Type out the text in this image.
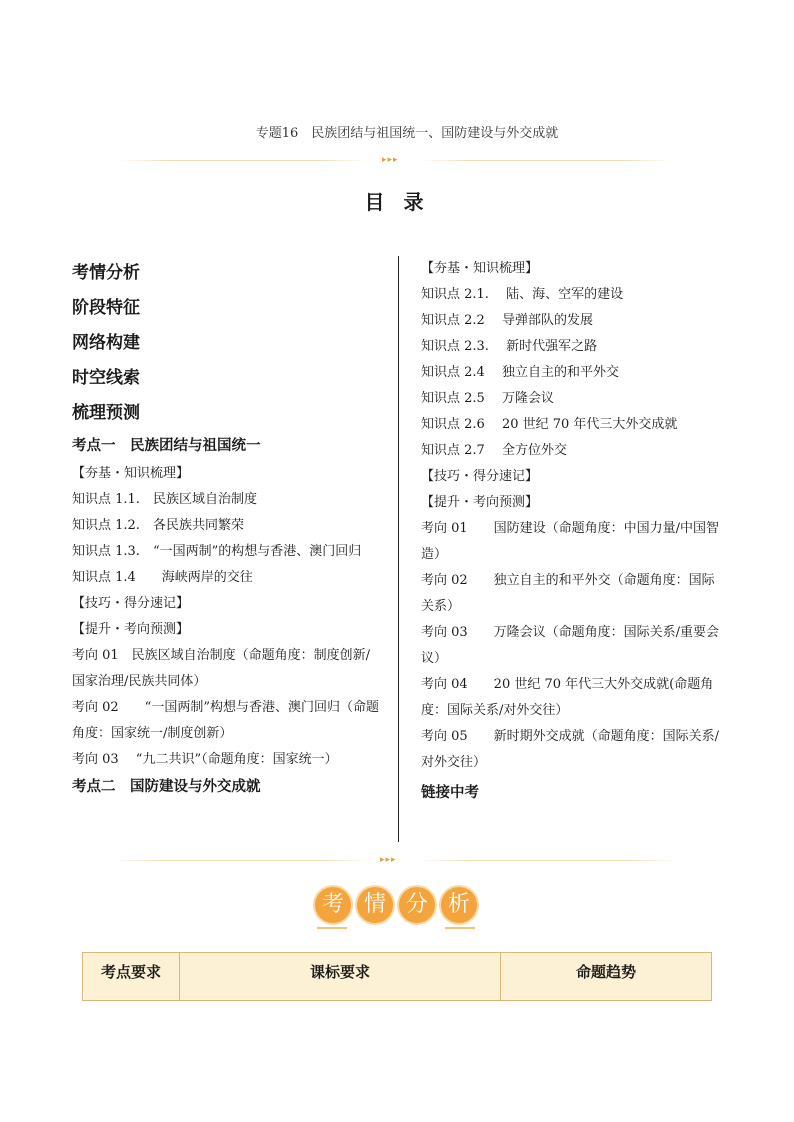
专题16　民族团结与祖国统一、国防建设与外交成就
▸▸▸
目 录
考情分析
阶段特征
网络构建
时空线索
梳理预测
考点一　民族团结与祖国统一
【夯基・知识梳理】
知识点 1.1.　民族区域自治制度
知识点 1.2.　各民族共同繁荣
知识点 1.3.　“一国两制”的构想与香港、澳门回归
知识点 1.4　　海峡两岸的交往
【技巧・得分速记】
【提升・考向预测】
考向 01　民族区域自治制度（命题角度：制度创新/国家治理/民族共同体）
考向 02　　“一国两制”构想与香港、澳门回归（命题角度：国家统一/制度创新）
考向 03　 “九二共识”（命题角度：国家统一）
考点二　国防建设与外交成就
【夯基・知识梳理】
知识点 2.1.　 陆、海、空军的建设
知识点 2.2　 导弹部队的发展
知识点 2.3.　 新时代强军之路
知识点 2.4　 独立自主的和平外交
知识点 2.5　 万隆会议
知识点 2.6　 20 世纪 70 年代三大外交成就
知识点 2.7　 全方位外交
【技巧・得分速记】
【提升・考向预测】
考向 01　　国防建设（命题角度：中国力量/中国智造）
考向 02　　独立自主的和平外交（命题角度：国际关系）
考向 03　　万隆会议（命题角度：国际关系/重要会议）
考向 04　　20 世纪 70 年代三大外交成就(命题角度：国际关系/对外交往）
考向 05　　新时期外交成就（命题角度：国际关系/对外交往）
链接中考
▸▸▸
考 情 分 析
考点要求	课标要求	命题趋势
